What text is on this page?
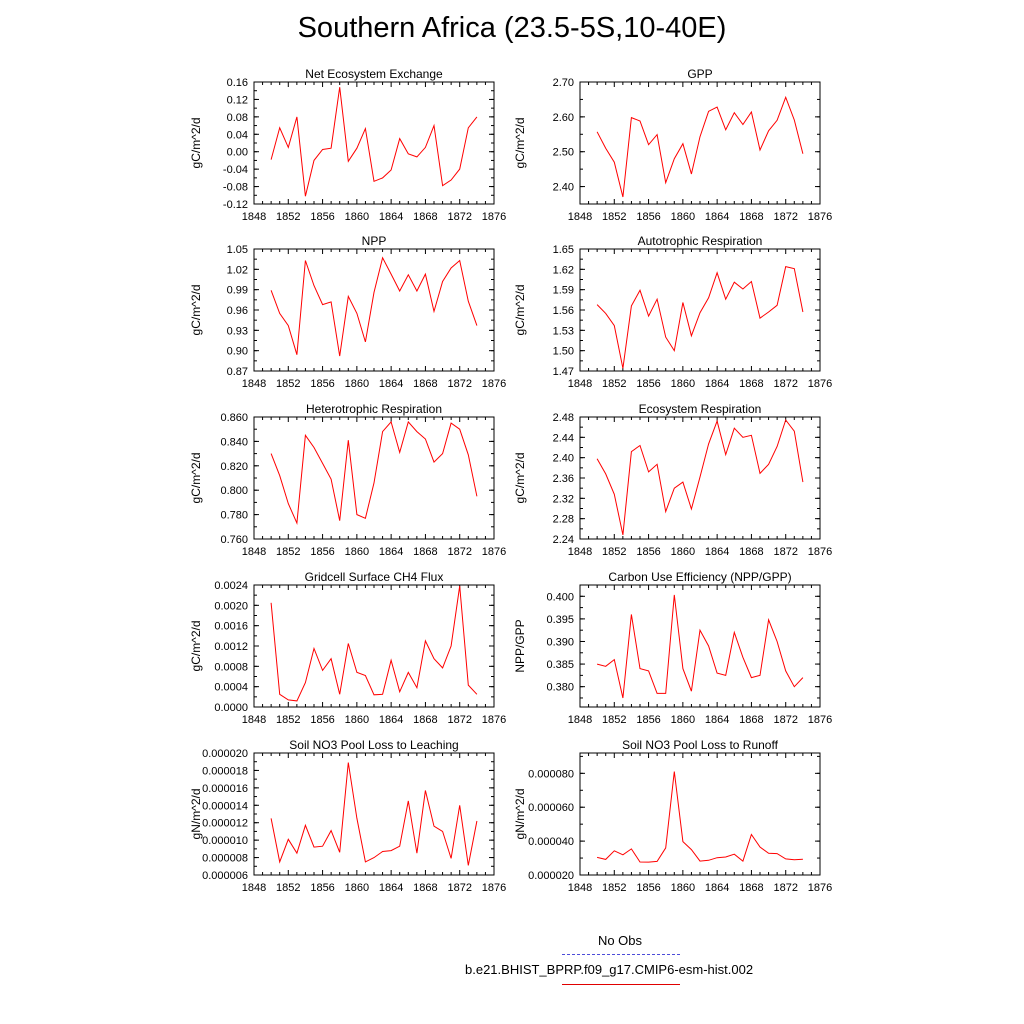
Southern Africa (23.5-5S,10-40E)
Net Ecosystem Exchange
gC/m^2/d
1848 1852 1856 1860 1864 1868 1872 1876
-0.12
-0.08
-0.04
0.00
0.04
0.08
0.12
0.16
GPP
gC/m^2/d
1848 1852 1856 1860 1864 1868 1872 1876
2.40
2.50
2.60
2.70
NPP
gC/m^2/d
1848 1852 1856 1860 1864 1868 1872 1876
0.87
0.90
0.93
0.96
0.99
1.02
1.05
Autotrophic Respiration
gC/m^2/d
1848 1852 1856 1860 1864 1868 1872 1876
1.47
1.50
1.53
1.56
1.59
1.62
1.65
Heterotrophic Respiration
gC/m^2/d
1848 1852 1856 1860 1864 1868 1872 1876
0.760
0.780
0.800
0.820
0.840
0.860
Ecosystem Respiration
gC/m^2/d
1848 1852 1856 1860 1864 1868 1872 1876
2.24
2.28
2.32
2.36
2.40
2.44
2.48
Gridcell Surface CH4 Flux
gC/m^2/d
1848 1852 1856 1860 1864 1868 1872 1876
0.0000
0.0004
0.0008
0.0012
0.0016
0.0020
0.0024
Carbon Use Efficiency (NPP/GPP)
NPP/GPP
1848 1852 1856 1860 1864 1868 1872 1876
0.380
0.385
0.390
0.395
0.400
Soil NO3 Pool Loss to Leaching
gN/m^2/d
1848 1852 1856 1860 1864 1868 1872 1876
0.000006
0.000008
0.000010
0.000012
0.000014
0.000016
0.000018
0.000020
Soil NO3 Pool Loss to Runoff
gN/m^2/d
1848 1852 1856 1860 1864 1868 1872 1876
0.000020
0.000040
0.000060
0.000080
No Obs
b.e21.BHIST_BPRP.f09_g17.CMIP6-esm-hist.002
